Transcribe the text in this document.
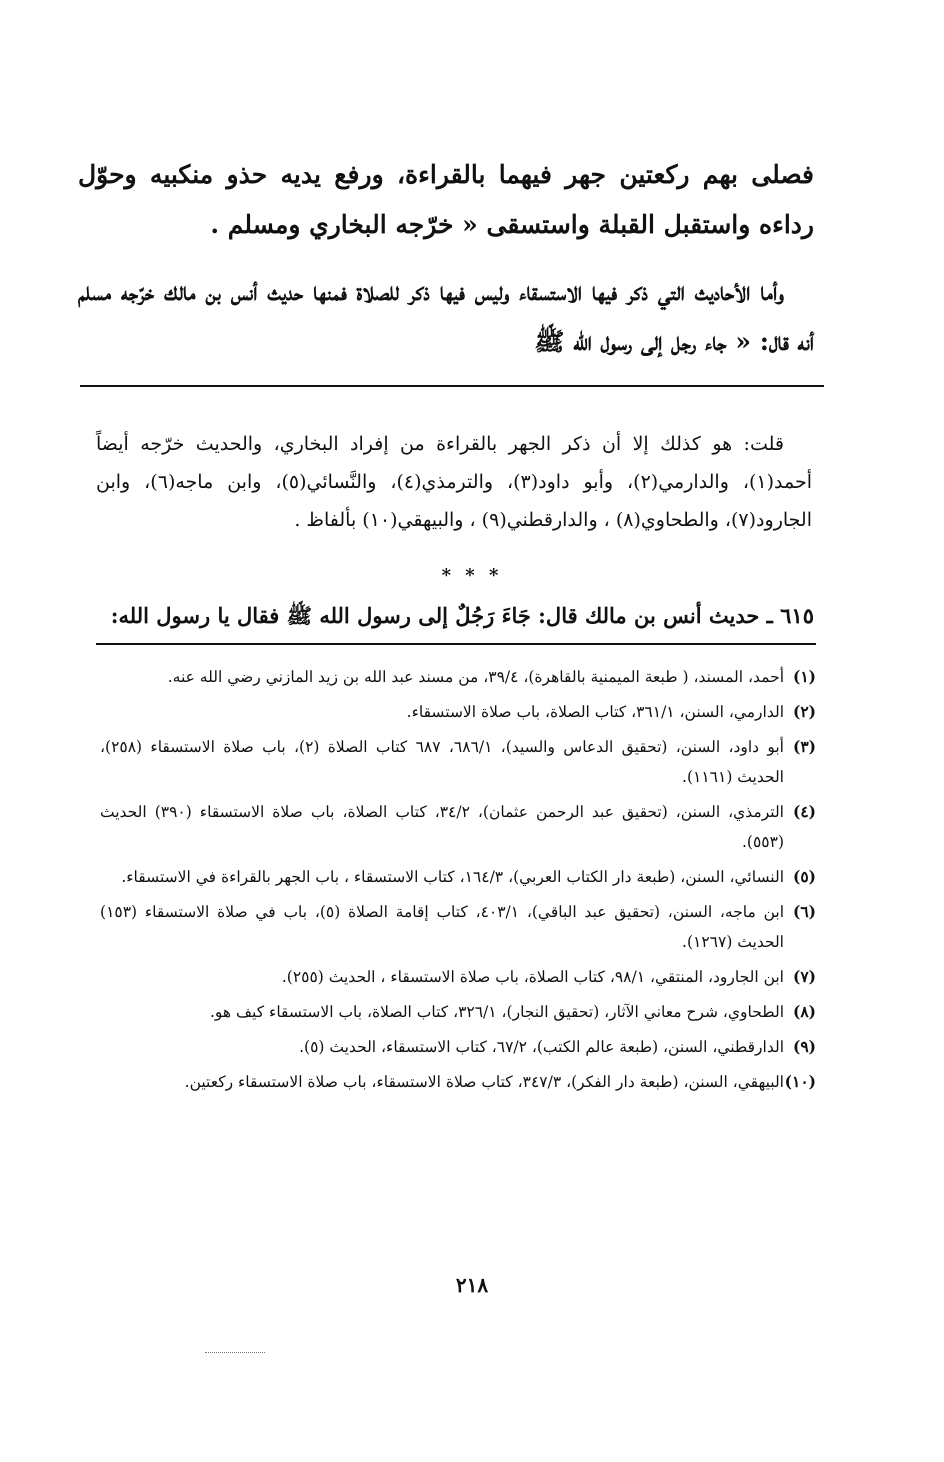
فصلى بهم ركعتين جهر فيهما بالقراءة، ورفع يديه حذو منكبيه وحوّل رداءه واستقبل القبلة واستسقى « خرّجه البخاري ومسلم .

وأما الأحاديث التي ذكر فيها الاستسقاء وليس فيها ذكر للصلاة فمنها حديث أنس بن مالك خرّجه مسلم أنه قال: « جاء رجل إلى رسول الله ﷺ

قلت: هو كذلك إلا أن ذكر الجهر بالقراءة من إفراد البخاري، والحديث خرّجه أيضاً أحمد(١)، والدارمي(٢)، وأبو داود(٣)، والترمذي(٤)، والنَّسائي(٥)، وابن ماجه(٦)، وابن الجارود(٧)، والطحاوي(٨) ، والدارقطني(٩) ، والبيهقي(١٠) بألفاظ .

* * *
٦١٥ ـ حديث أنس بن مالك قال: جَاءَ رَجُلٌ إلى رسول الله ﷺ فقال يا رسول الله:
(١)
أحمد، المسند، ( طبعة الميمنية بالقاهرة)، ٣٩/٤، من مسند عبد الله بن زيد المازني رضي الله عنه.
(٢)
الدارمي، السنن، ٣٦١/١، كتاب الصلاة، باب صلاة الاستسقاء.
(٣)
أبو داود، السنن، (تحقيق الدعاس والسيد)، ٦٨٦/١، ٦٨٧ كتاب الصلاة (٢)، باب صلاة الاستسقاء (٢٥٨)، الحديث (١١٦١).
(٤)
الترمذي، السنن، (تحقيق عبد الرحمن عثمان)، ٣٤/٢، كتاب الصلاة، باب صلاة الاستسقاء (٣٩٠) الحديث (٥٥٣).
(٥)
النسائي، السنن، (طبعة دار الكتاب العربي)، ١٦٤/٣، كتاب الاستسقاء ، باب الجهر بالقراءة في الاستسقاء.
(٦)
ابن ماجه، السنن، (تحقيق عبد الباقي)، ٤٠٣/١، كتاب إقامة الصلاة (٥)، باب في صلاة الاستسقاء (١٥٣) الحديث (١٢٦٧).
(٧)
ابن الجارود، المنتقي، ٩٨/١، كتاب الصلاة، باب صلاة الاستسقاء ، الحديث (٢٥٥).
(٨)
الطحاوي، شرح معاني الآثار، (تحقيق النجار)، ٣٢٦/١، كتاب الصلاة، باب الاستسقاء كيف هو.
(٩)
الدارقطني، السنن، (طبعة عالم الكتب)، ٦٧/٢، كتاب الاستسقاء، الحديث (٥).
(١٠)
البيهقي، السنن، (طبعة دار الفكر)، ٣٤٧/٣، كتاب صلاة الاستسقاء، باب صلاة الاستسقاء ركعتين.
٢١٨
